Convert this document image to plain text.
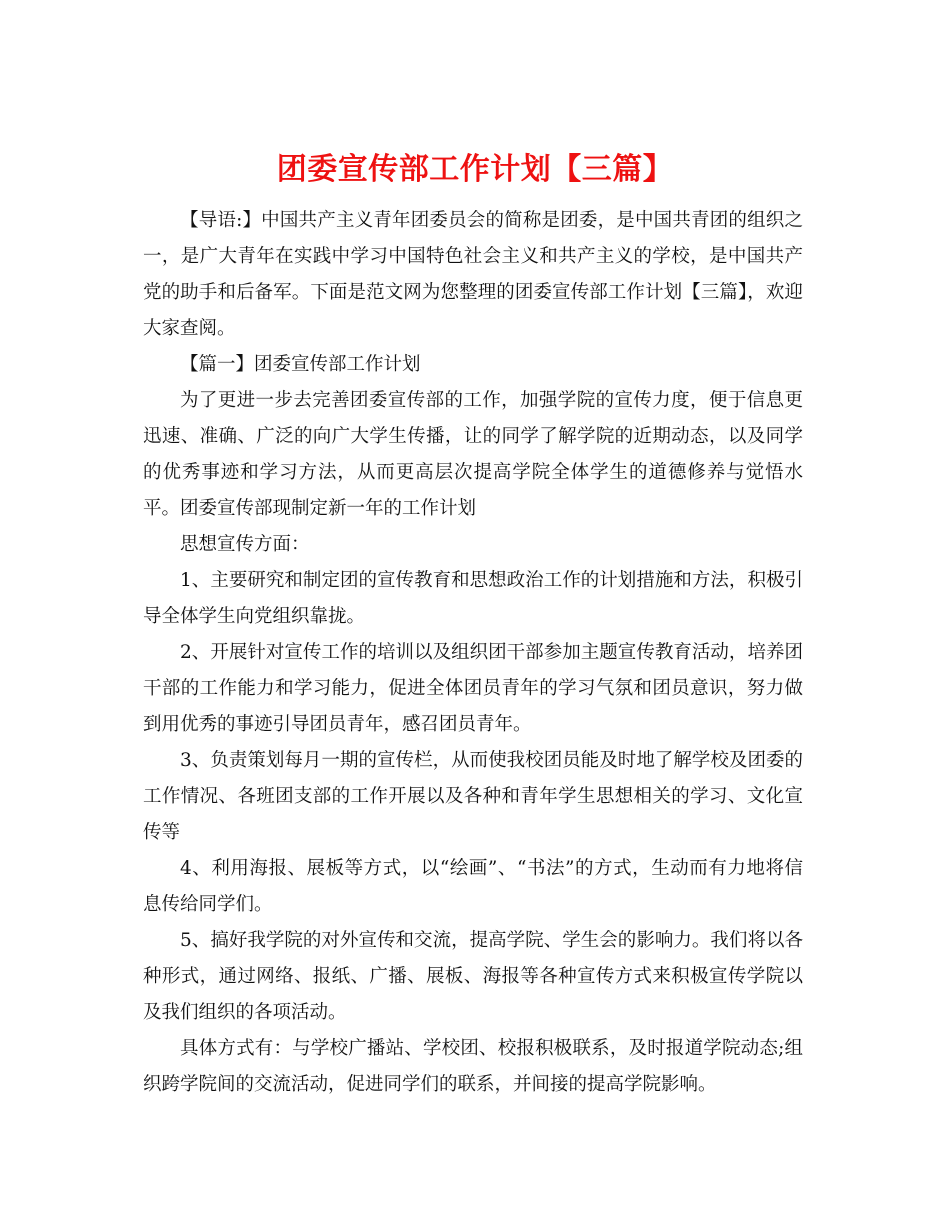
团委宣传部工作计划【三篇】

【导语:】中国共产主义青年团委员会的简称是团委，是中国共青团的组织之一，是广大青年在实践中学习中国特色社会主义和共产主义的学校，是中国共产党的助手和后备军。下面是范文网为您整理的团委宣传部工作计划【三篇】，欢迎大家查阅。

【篇一】团委宣传部工作计划

为了更进一步去完善团委宣传部的工作，加强学院的宣传力度，便于信息更迅速、准确、广泛的向广大学生传播，让的同学了解学院的近期动态，以及同学的优秀事迹和学习方法，从而更高层次提高学院全体学生的道德修养与觉悟水平。团委宣传部现制定新一年的工作计划

思想宣传方面：

1、主要研究和制定团的宣传教育和思想政治工作的计划措施和方法，积极引导全体学生向党组织靠拢。

2、开展针对宣传工作的培训以及组织团干部参加主题宣传教育活动，培养团干部的工作能力和学习能力，促进全体团员青年的学习气氛和团员意识，努力做到用优秀的事迹引导团员青年，感召团员青年。

3、负责策划每月一期的宣传栏，从而使我校团员能及时地了解学校及团委的工作情况、各班团支部的工作开展以及各种和青年学生思想相关的学习、文化宣传等

4、利用海报、展板等方式，以“绘画”、“书法”的方式，生动而有力地将信息传给同学们。

5、搞好我学院的对外宣传和交流，提高学院、学生会的影响力。我们将以各种形式，通过网络、报纸、广播、展板、海报等各种宣传方式来积极宣传学院以及我们组织的各项活动。

具体方式有：与学校广播站、学校团、校报积极联系，及时报道学院动态;组织跨学院间的交流活动，促进同学们的联系，并间接的提高学院影响。
